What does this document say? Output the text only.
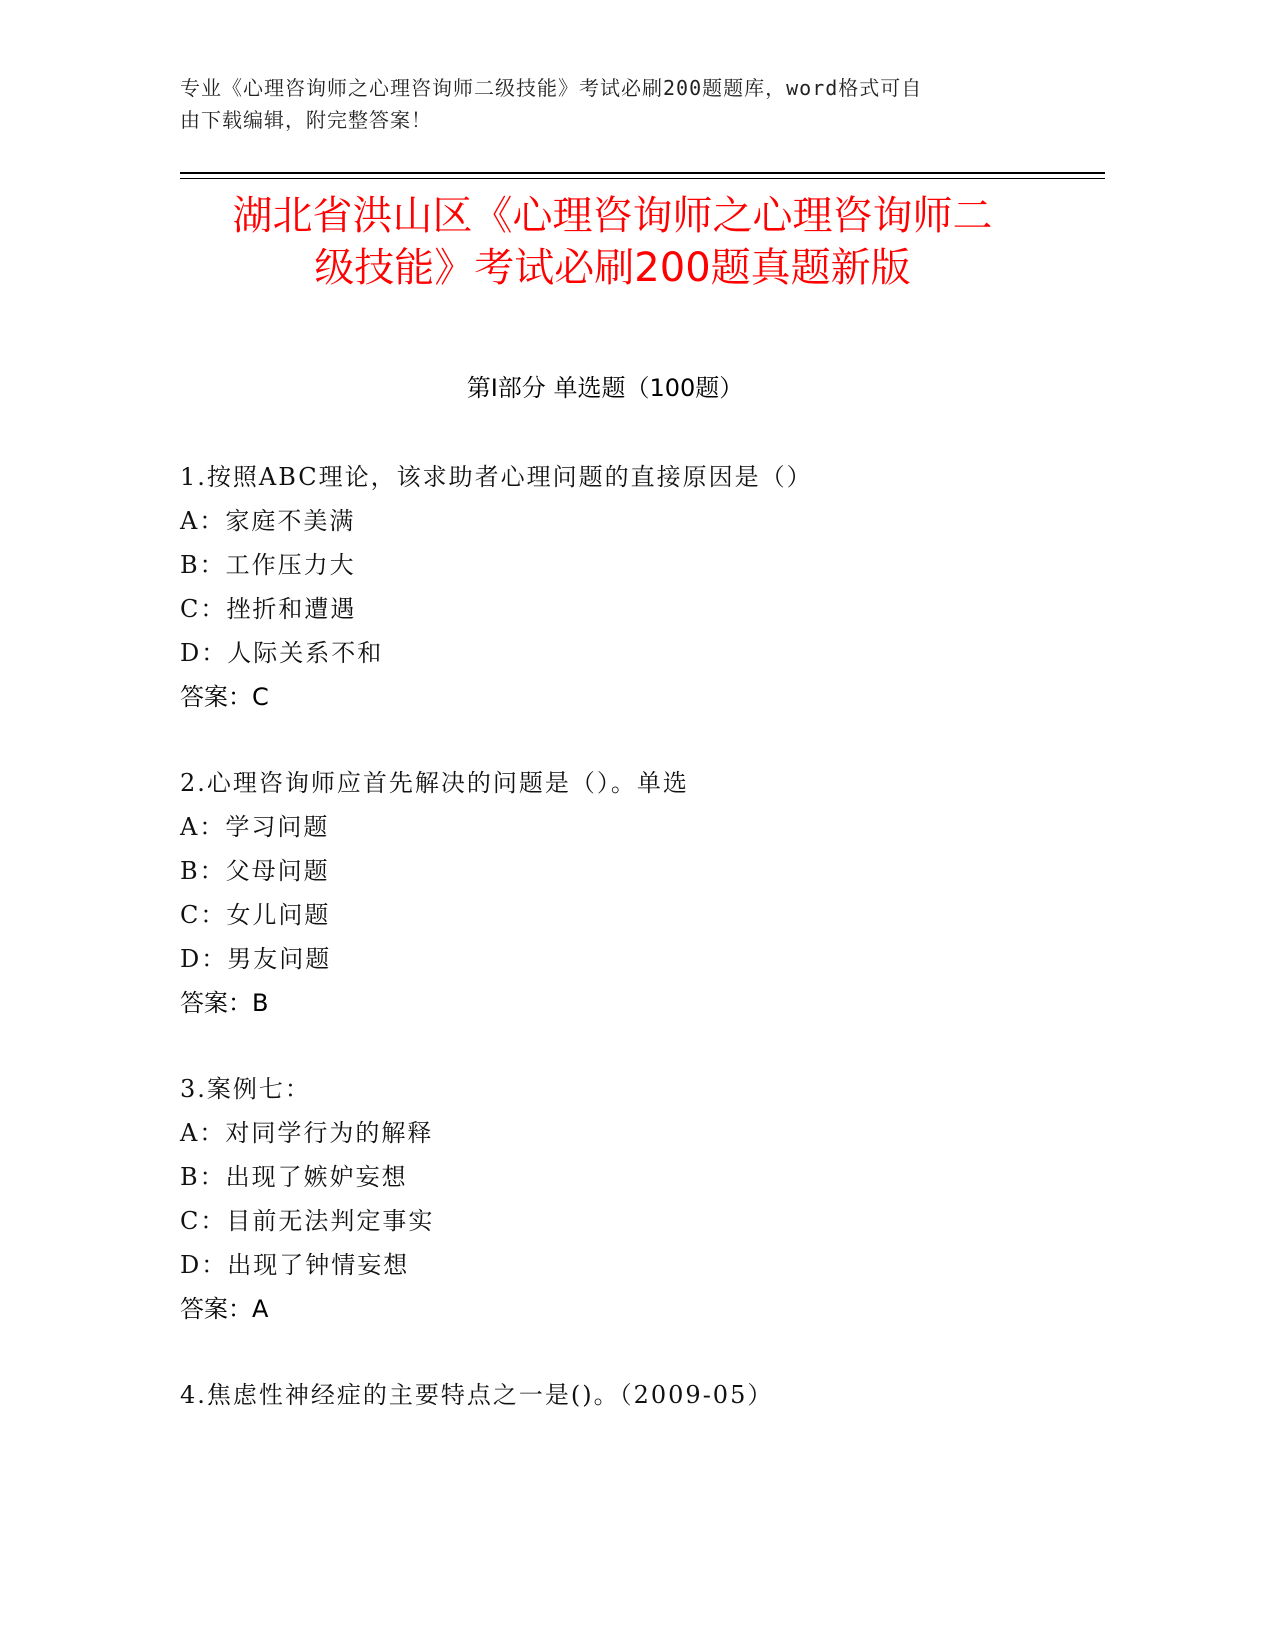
专业《心理咨询师之心理咨询师二级技能》考试必刷200题题库，word格式可自
由下载编辑，附完整答案！
湖北省洪山区《心理咨询师之心理咨询师二
级技能》考试必刷200题真题新版
第Ⅰ部分 单选题（100题）
1.按照ABC理论，该求助者心理问题的直接原因是（）
A：家庭不美满
B：工作压力大
C：挫折和遭遇
D：人际关系不和
答案：C
2.心理咨询师应首先解决的问题是（）。单选
A：学习问题
B：父母问题
C：女儿问题
D：男友问题
答案：B
3.案例七：
A：对同学行为的解释
B：出现了嫉妒妄想
C：目前无法判定事实
D：出现了钟情妄想
答案：A
4.焦虑性神经症的主要特点之一是()。（2009-05）
